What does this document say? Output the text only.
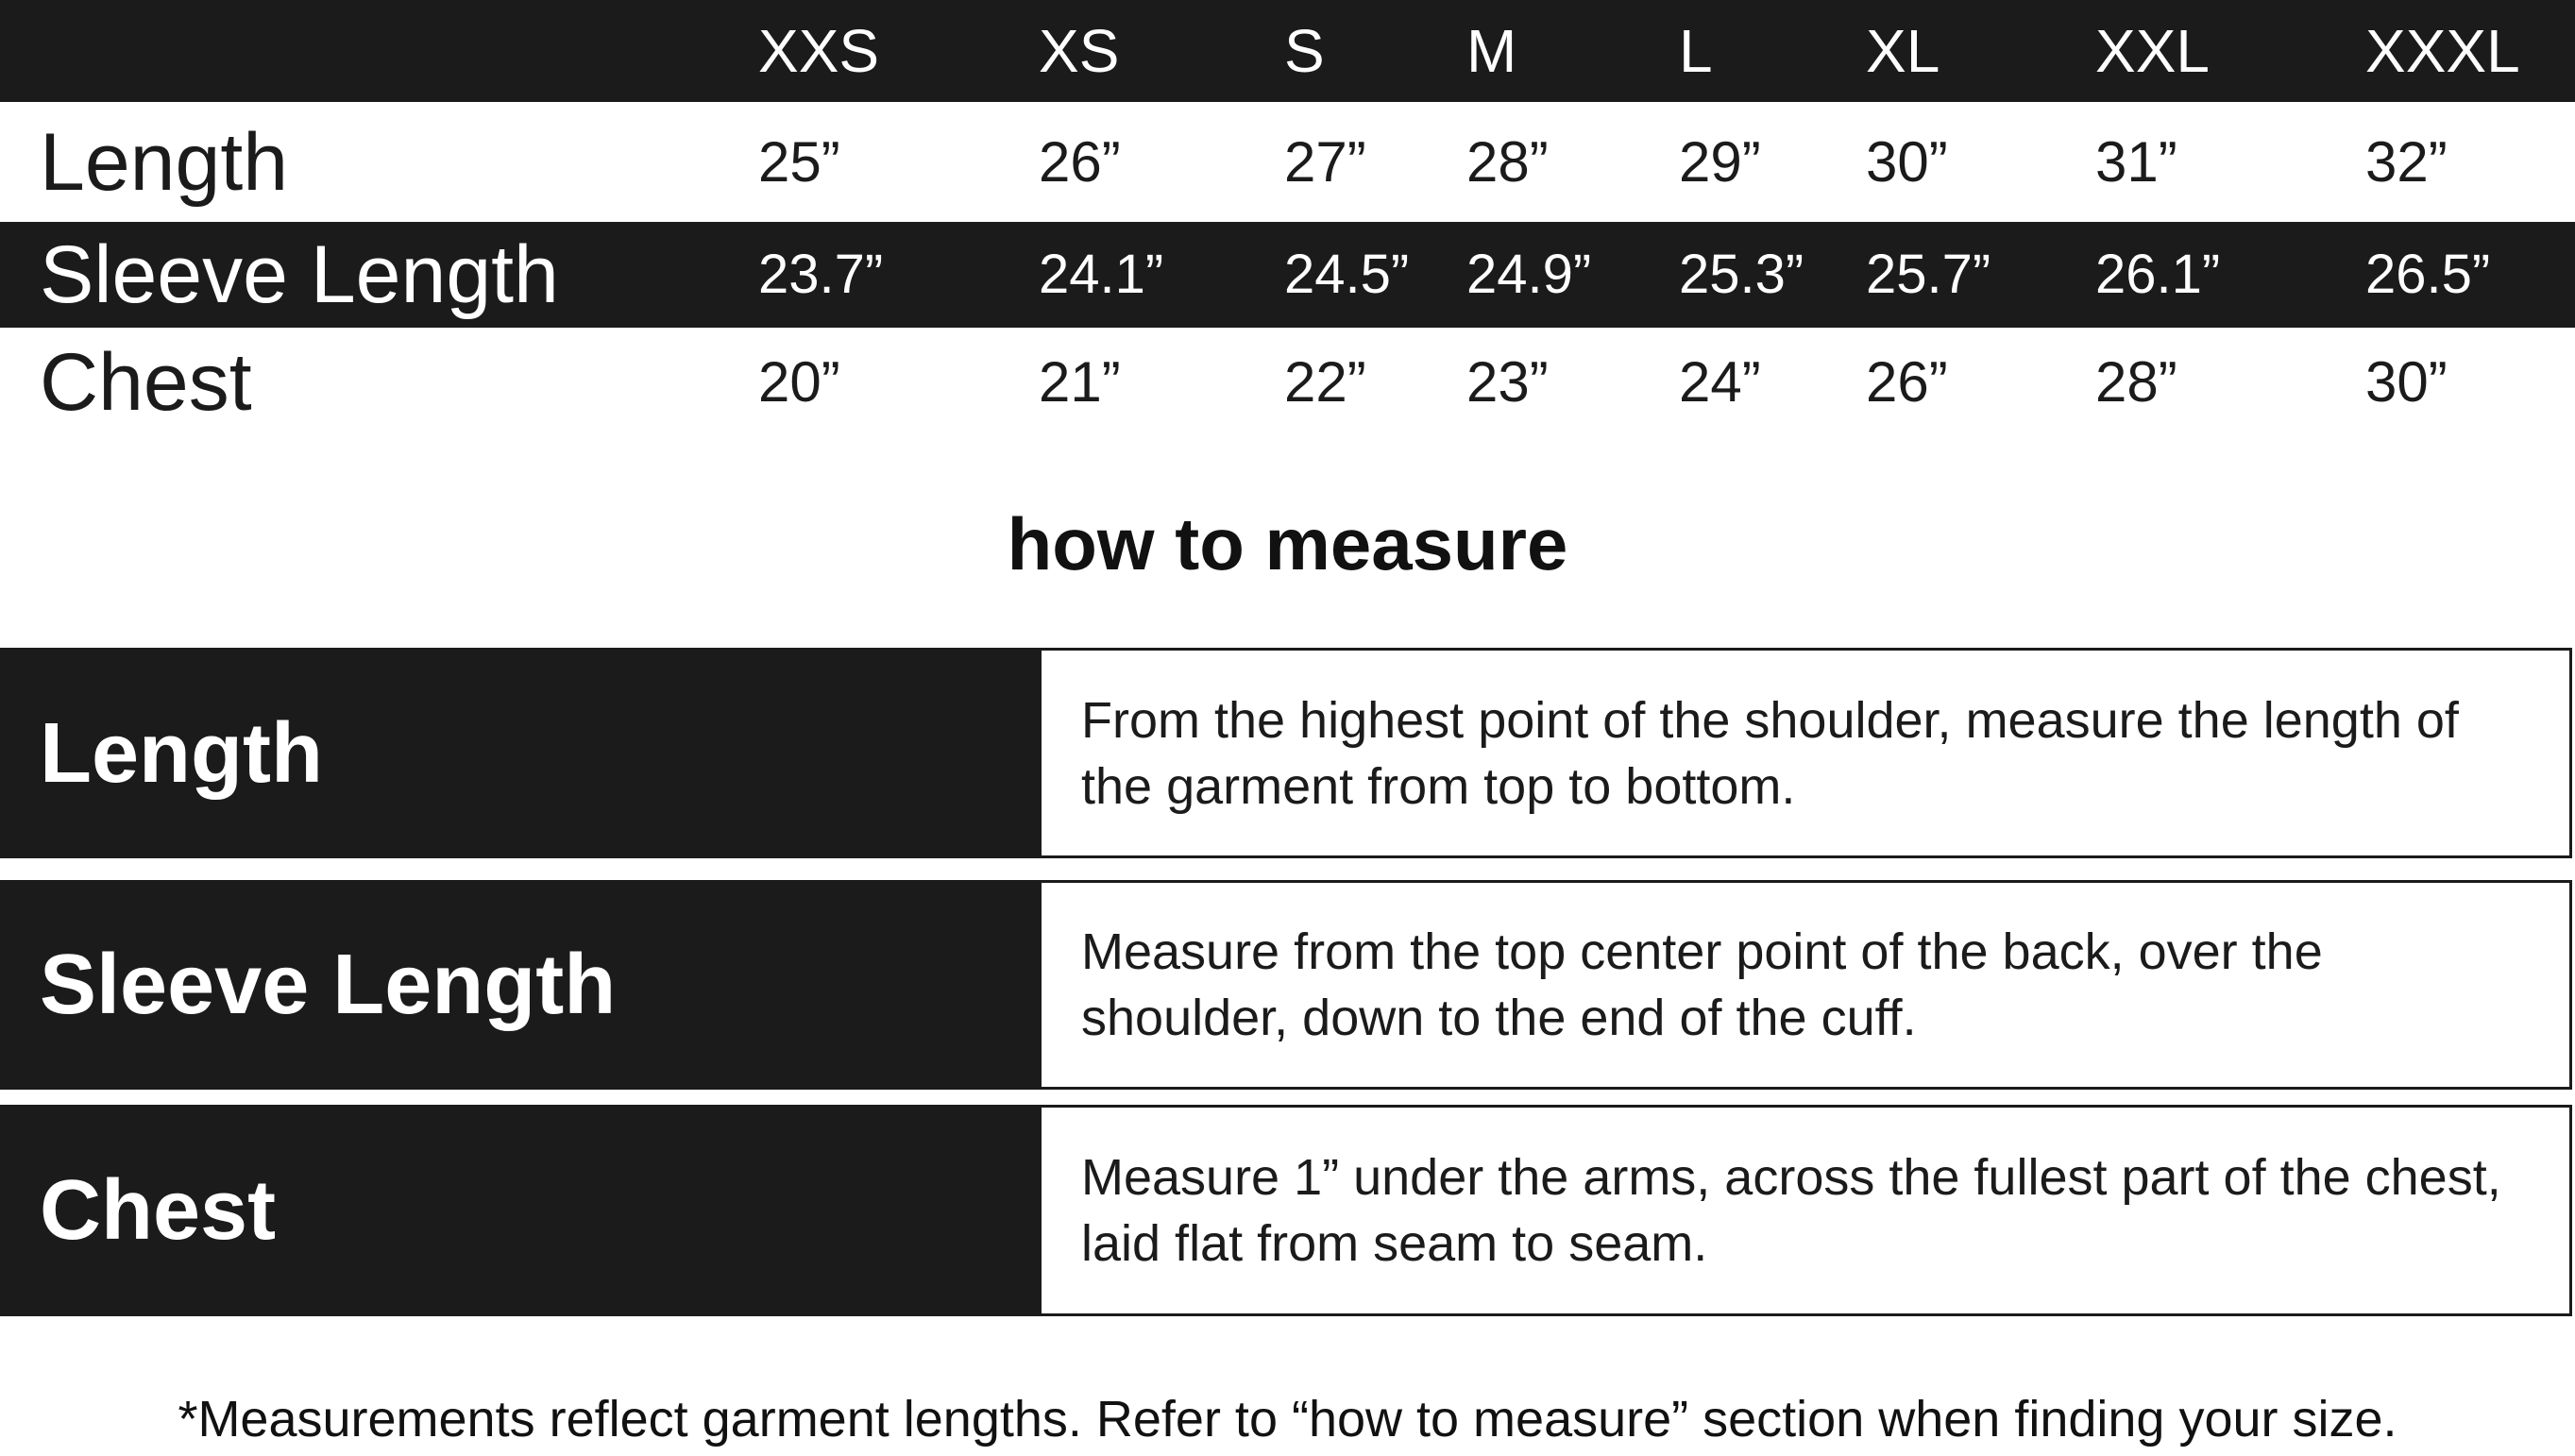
XXS	XS	S M	L	XL	XXL	XXXL
Length	25”	26”	27” 28” 29” 30”	31”	32”
Sleeve Length	23.7”	24.1” 24.5” 24.9” 25.3” 25.7” 26.1”	26.5”
Chest	20”	21”	22” 23” 24” 26”	28”	30”
how to measure
Length	From the highest point of the shoulder, measure the length of the garment from top to bottom.
Sleeve Length	Measure from the top center point of the back, over the shoulder, down to the end of the cuff.
Chest	Measure 1” under the arms, across the fullest part of the chest, laid flat from seam to seam.
*Measurements reflect garment lengths. Refer to “how to measure” section when finding your size.
